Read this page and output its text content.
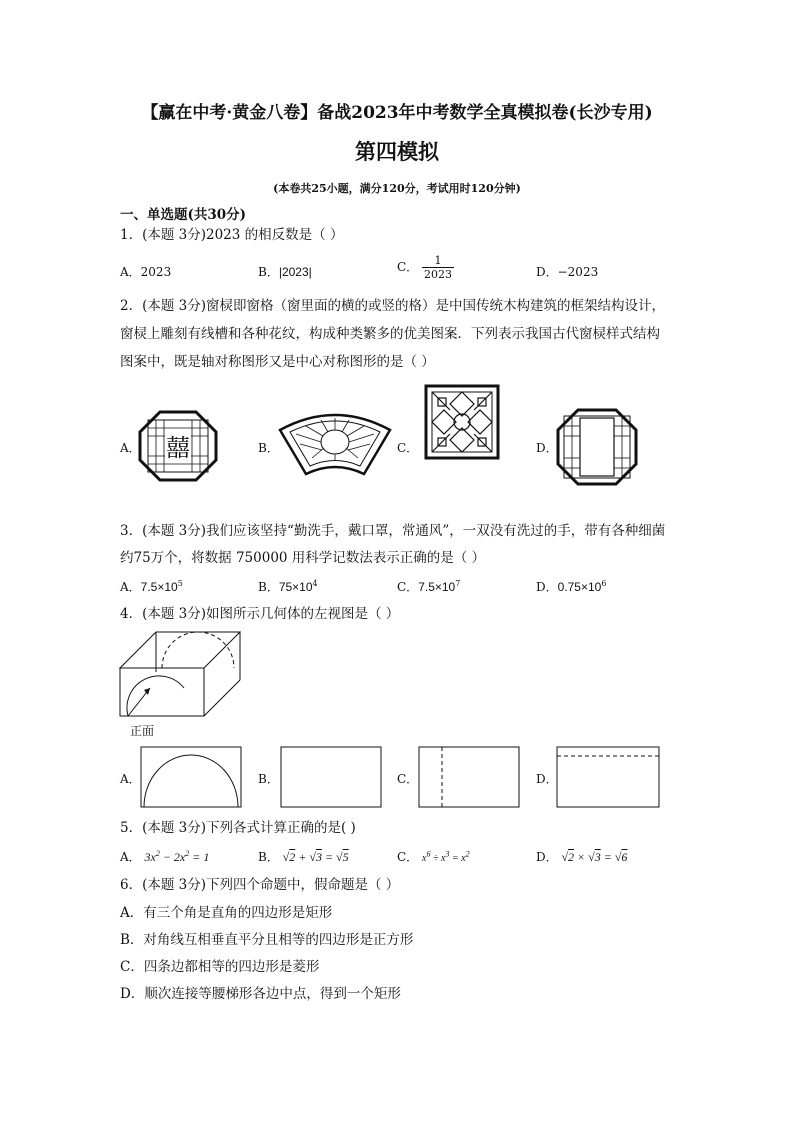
【赢在中考·黄金八卷】备战2023年中考数学全真模拟卷(长沙专用)
第四模拟
(本卷共25小题，满分120分，考试用时120分钟)
一、单选题(共30分)
1．(本题 3分)2023 的相反数是（ ）
A．2023	B．|2023|	C． $\frac{1}{2023}$	D．−2023
2．(本题 3分)窗棂即窗格（窗里面的横的或竖的格）是中国传统木构建筑的框架结构设计，
窗棂上雕刻有线槽和各种花纹，构成种类繁多的优美图案．下列表示我国古代窗棂样式结构
图案中，既是轴对称图形又是中心对称图形的是（ ）
A． 囍	B．	C．	D．
3．(本题 3分)我们应该坚持“勤洗手，戴口罩，常通风”，一双没有洗过的手，带有各种细菌
约75万个，将数据 750000 用科学记数法表示正确的是（ ）
A．$7.5\times 10^5$	B．$75\times 10^4$	C．$7.5\times 10^7$	D．$0.75\times 10^6$
4．(本题 3分)如图所示几何体的左视图是（ ）
正面
A．	B．	C．	D．
5．(本题 3分)下列各式计算正确的是( )
A． $3x^2 - 2x^2 = 1$	B． √2 + √3 = √5	C． $x^6 \div x^3 = x^2$	D． √2 × √3 = √6
6．(本题 3分)下列四个命题中，假命题是（ ）
A．有三个角是直角的四边形是矩形
B．对角线互相垂直平分且相等的四边形是正方形
C．四条边都相等的四边形是菱形
D．顺次连接等腰梯形各边中点，得到一个矩形
